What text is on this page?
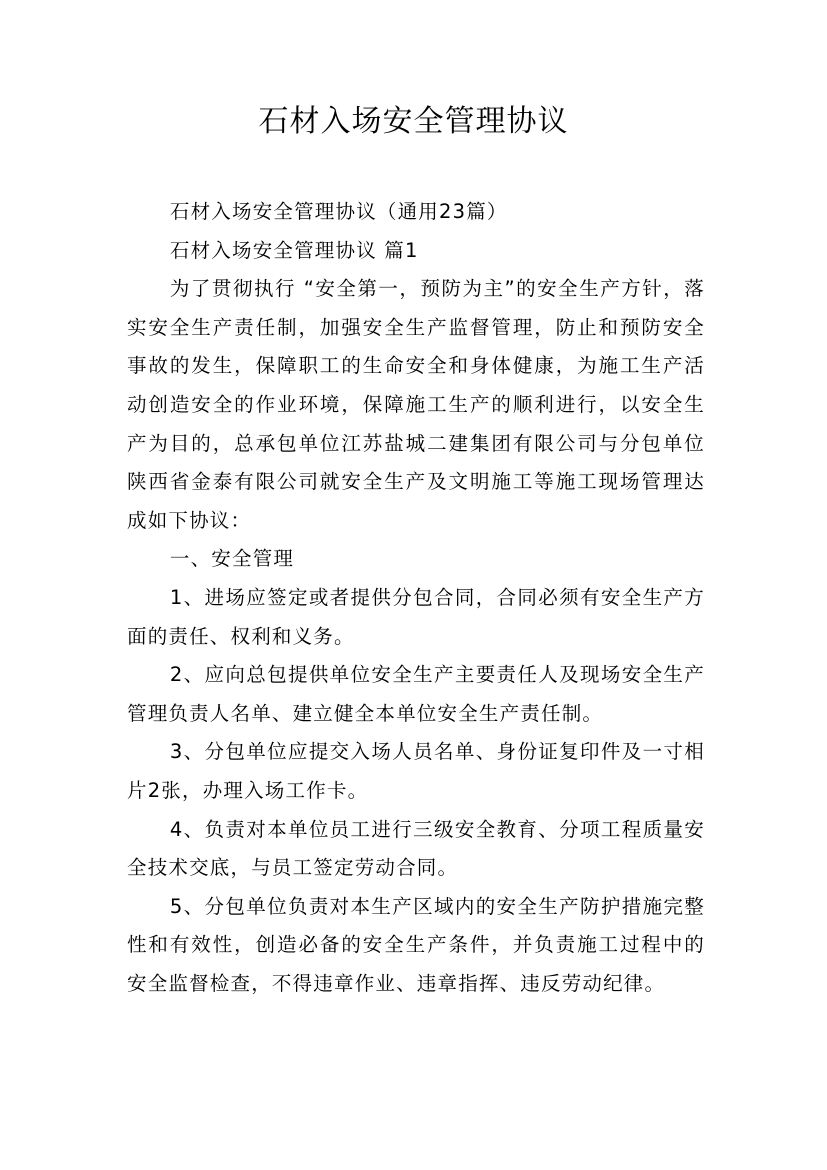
石材入场安全管理协议

石材入场安全管理协议（通用23篇）

石材入场安全管理协议 篇1

为了贯彻执行 “安全第一，预防为主”的安全生产方针，落实安全生产责任制，加强安全生产监督管理，防止和预防安全事故的发生，保障职工的生命安全和身体健康，为施工生产活动创造安全的作业环境，保障施工生产的顺利进行，以安全生产为目的，总承包单位江苏盐城二建集团有限公司与分包单位陕西省金泰有限公司就安全生产及文明施工等施工现场管理达成如下协议：

一、安全管理

1、进场应签定或者提供分包合同，合同必须有安全生产方面的责任、权利和义务。

2、应向总包提供单位安全生产主要责任人及现场安全生产管理负责人名单、建立健全本单位安全生产责任制。

3、分包单位应提交入场人员名单、身份证复印件及一寸相片2张，办理入场工作卡。

4、负责对本单位员工进行三级安全教育、分项工程质量安全技术交底，与员工签定劳动合同。

5、分包单位负责对本生产区域内的安全生产防护措施完整性和有效性，创造必备的安全生产条件，并负责施工过程中的安全监督检查，不得违章作业、违章指挥、违反劳动纪律。
